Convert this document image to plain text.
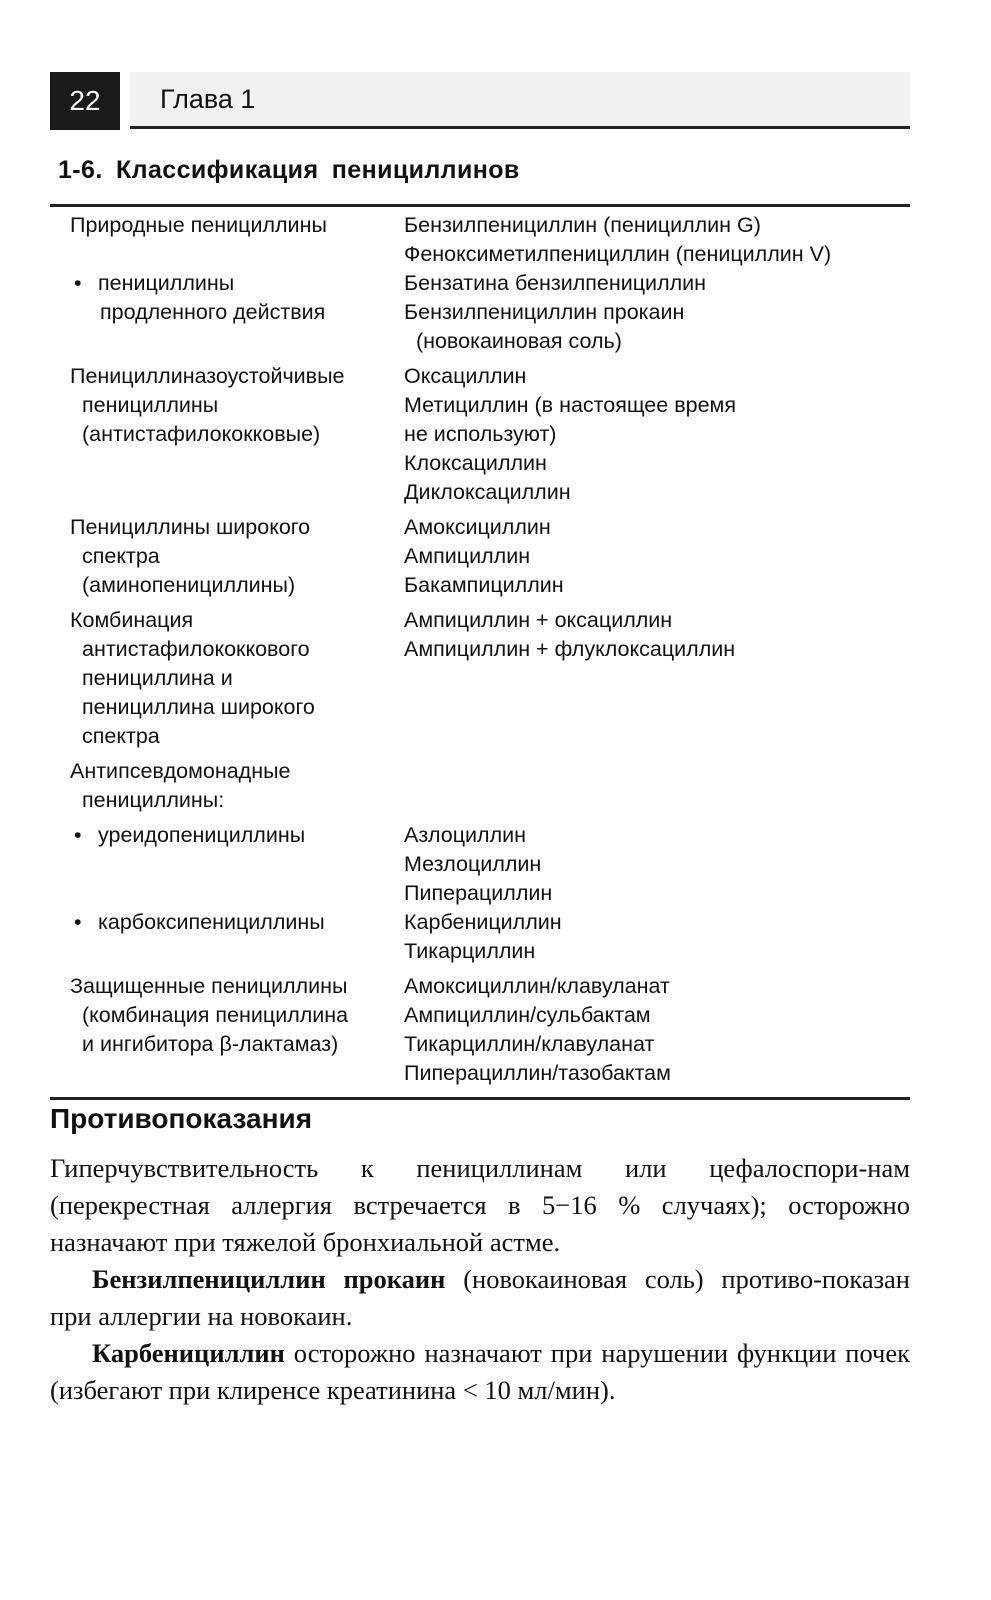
22	Глава 1
1-6. Классификация пенициллинов
Природные пенициллины
• пенициллины
продленного действия
Бензилпенициллин (пенициллин G)
Феноксиметилпенициллин (пенициллин V)
Бензатина бензилпенициллин
Бензилпенициллин прокаин
(новокаиновая соль)
Пенициллиназоустойчивые
пенициллины
(антистафилококковые)
Оксациллин
Метициллин (в настоящее время
не используют)
Клоксациллин
Диклоксациллин
Пенициллины широкого
спектра
(аминопенициллины)
Амоксициллин
Ампициллин
Бакампициллин
Комбинация
антистафилококкового
пенициллина и
пенициллина широкого
спектра
Ампициллин + оксациллин
Ампициллин + флуклоксациллин
Антипсевдомонадные
пенициллины:
• уреидопенициллины
• карбоксипенициллины
Азлоциллин
Мезлоциллин
Пиперациллин
Карбенициллин
Тикарциллин
Защищенные пенициллины
(комбинация пенициллина
и ингибитора β-лактамаз)
Амоксициллин/клавуланат
Ампициллин/сульбактам
Тикарциллин/клавуланат
Пиперациллин/тазобактам
Противопоказания

Гиперчувствительность к пенициллинам или цефалоспори-нам (перекрестная аллергия встречается в 5−16 % случаях); осторожно назначают при тяжелой бронхиальной астме.

Бензилпенициллин прокаин (новокаиновая соль) противо-показан при аллергии на новокаин.

Карбенициллин осторожно назначают при нарушении функции почек (избегают при клиренсе креатинина < 10 мл/мин).
